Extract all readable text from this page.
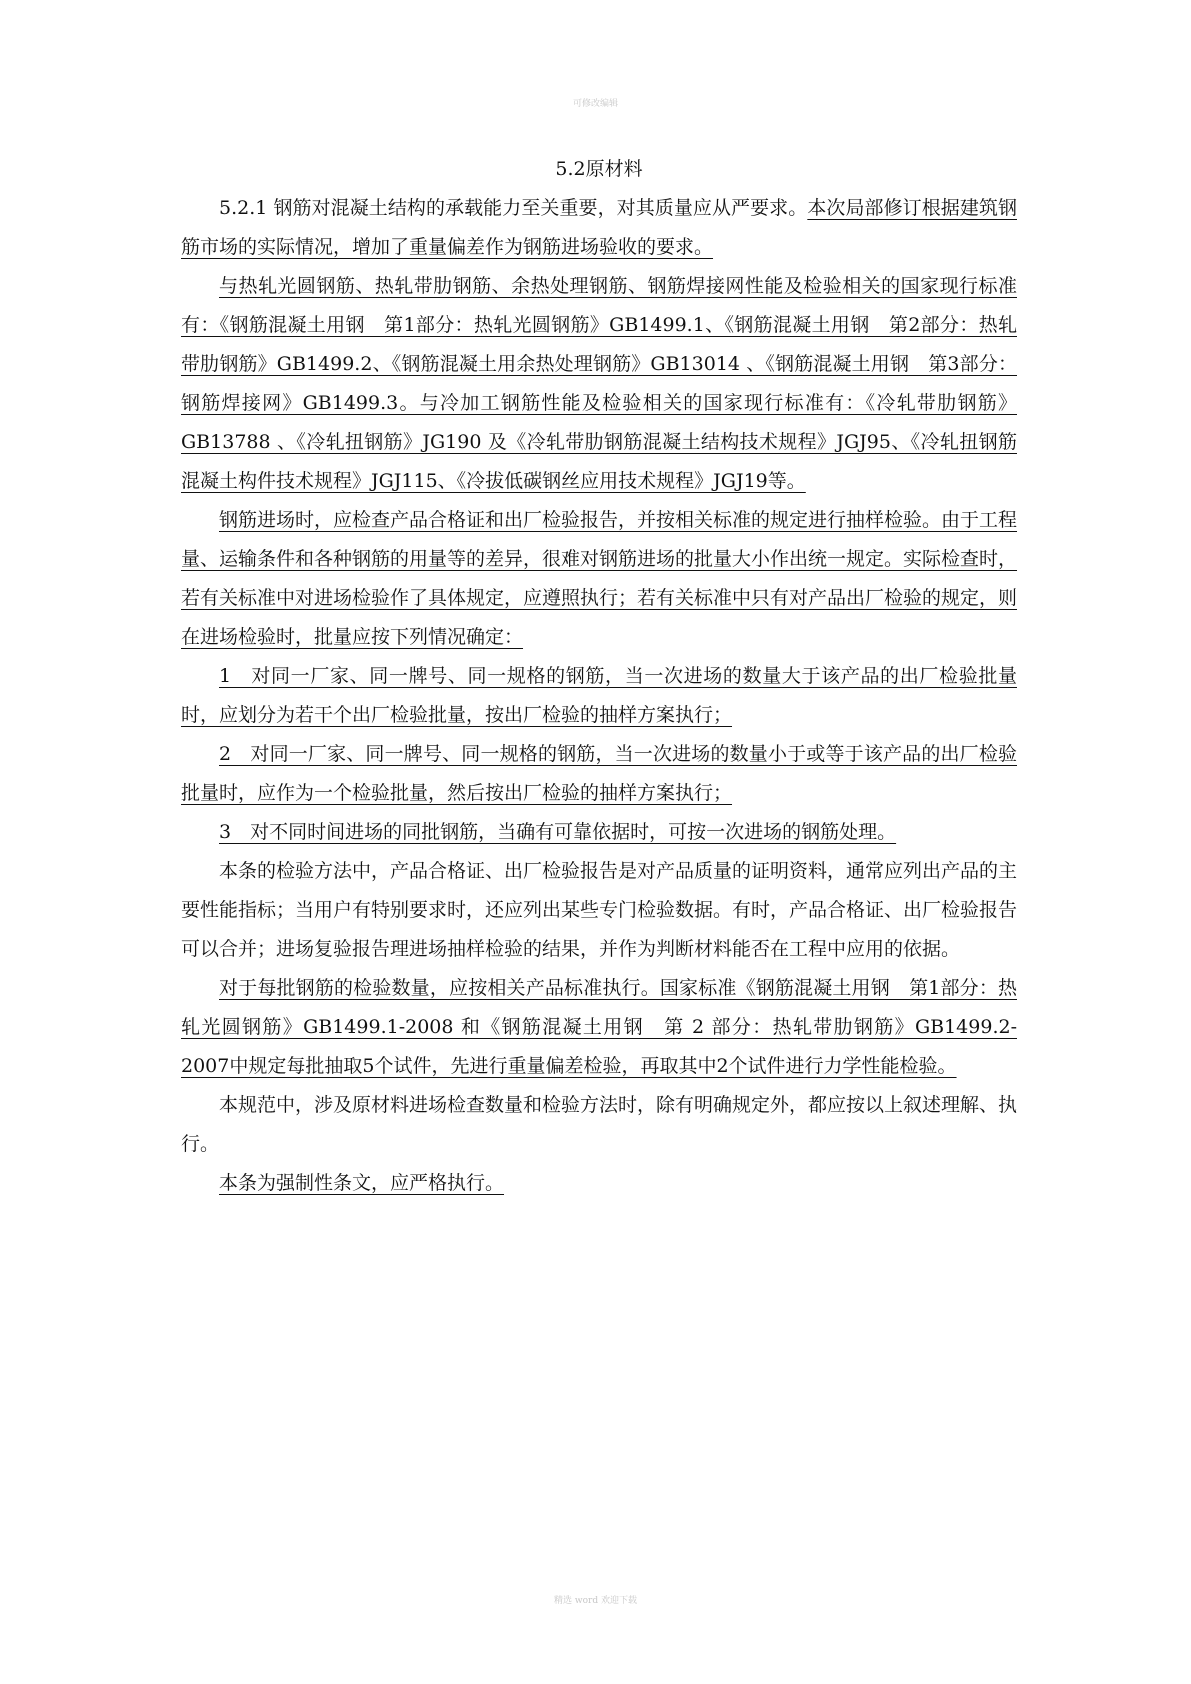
可修改编辑
5.2原材料

5.2.1 钢筋对混凝土结构的承载能力至关重要，对其质量应从严要求。本次局部修订根据建筑钢筋市场的实际情况，增加了重量偏差作为钢筋进场验收的要求。

与热轧光圆钢筋、热轧带肋钢筋、余热处理钢筋、钢筋焊接网性能及检验相关的国家现行标准有：《钢筋混凝土用钢　第1部分：热轧光圆钢筋》GB1499.1、《钢筋混凝土用钢　第2部分：热轧带肋钢筋》GB1499.2、《钢筋混凝土用余热处理钢筋》GB13014 、《钢筋混凝土用钢　第3部分：钢筋焊接网》GB1499.3。与冷加工钢筋性能及检验相关的国家现行标准有：《冷轧带肋钢筋》GB13788 、《冷轧扭钢筋》JG190 及《冷轧带肋钢筋混凝土结构技术规程》JGJ95、《冷轧扭钢筋混凝土构件技术规程》JGJ115、《冷拔低碳钢丝应用技术规程》JGJ19等。

钢筋进场时，应检查产品合格证和出厂检验报告，并按相关标准的规定进行抽样检验。由于工程量、运输条件和各种钢筋的用量等的差异，很难对钢筋进场的批量大小作出统一规定。实际检查时，若有关标准中对进场检验作了具体规定，应遵照执行；若有关标准中只有对产品出厂检验的规定，则在进场检验时，批量应按下列情况确定：

1　对同一厂家、同一牌号、同一规格的钢筋，当一次进场的数量大于该产品的出厂检验批量时，应划分为若干个出厂检验批量，按出厂检验的抽样方案执行；

2　对同一厂家、同一牌号、同一规格的钢筋，当一次进场的数量小于或等于该产品的出厂检验批量时，应作为一个检验批量，然后按出厂检验的抽样方案执行；

3　对不同时间进场的同批钢筋，当确有可靠依据时，可按一次进场的钢筋处理。

本条的检验方法中，产品合格证、出厂检验报告是对产品质量的证明资料，通常应列出产品的主要性能指标；当用户有特别要求时，还应列出某些专门检验数据。有时，产品合格证、出厂检验报告可以合并；进场复验报告理进场抽样检验的结果，并作为判断材料能否在工程中应用的依据。

对于每批钢筋的检验数量，应按相关产品标准执行。国家标准《钢筋混凝土用钢　第1部分：热轧光圆钢筋》GB1499.1-2008 和《钢筋混凝土用钢　第 2 部分：热轧带肋钢筋》GB1499.2-2007中规定每批抽取5个试件，先进行重量偏差检验，再取其中2个试件进行力学性能检验。

本规范中，涉及原材料进场检查数量和检验方法时，除有明确规定外，都应按以上叙述理解、执行。

本条为强制性条文，应严格执行。

精选 word 欢迎下载
